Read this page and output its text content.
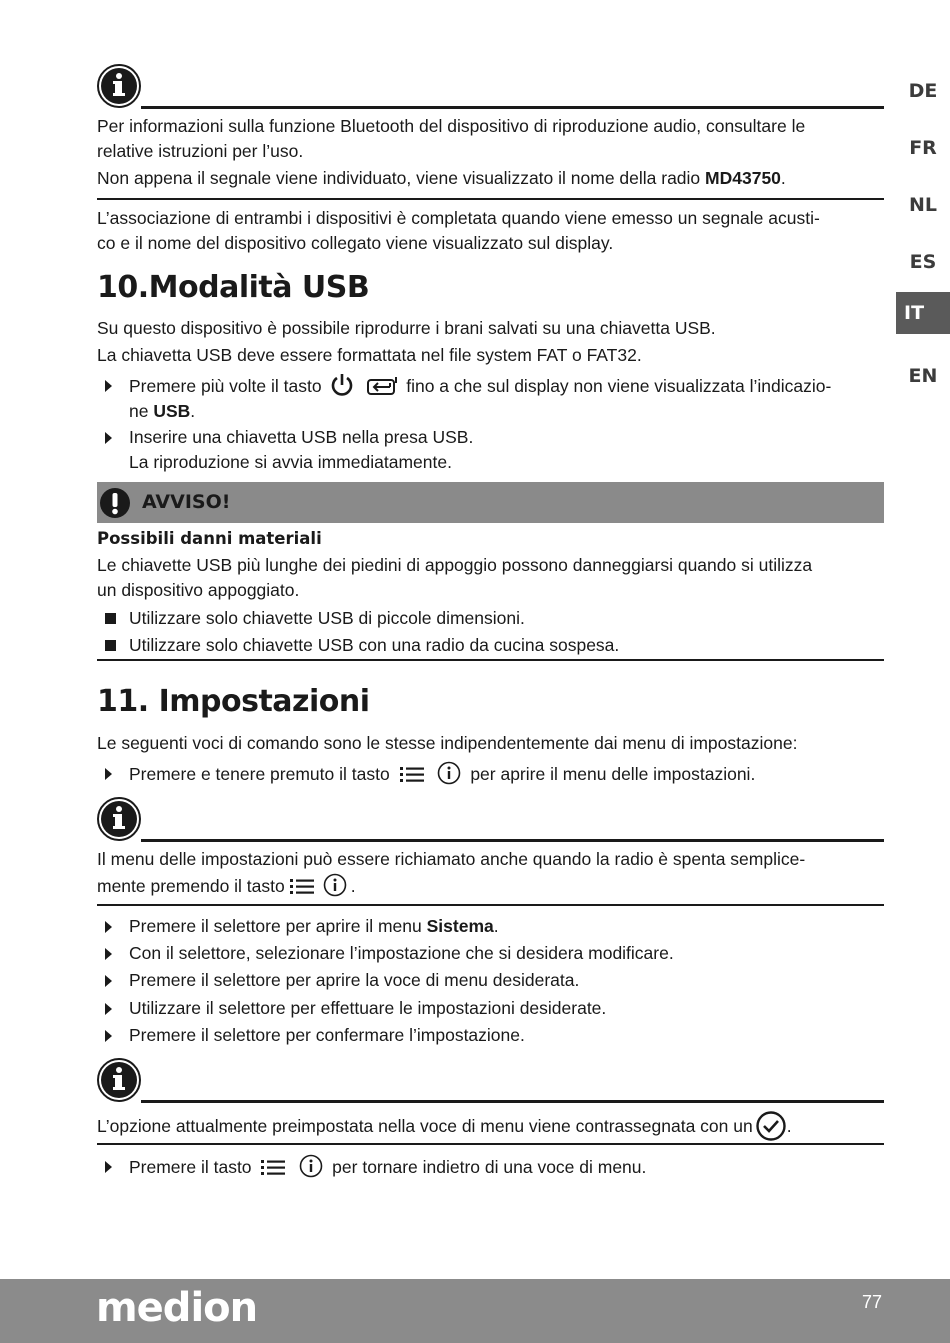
DE
FR
NL
ES
IT
EN

Per informazioni sulla funzione Bluetooth del dispositivo di riproduzione audio, consultare le

relative istruzioni per l’uso.

Non appena il segnale viene individuato, viene visualizzato il nome della radio MD43750.

L’associazione di entrambi i dispositivi è completata quando viene emesso un segnale acusti-

co e il nome del dispositivo collegato viene visualizzato sul display.

10.Modalità USB

Su questo dispositivo è possibile riprodurre i brani salvati su una chiavetta USB.

La chiavetta USB deve essere formattata nel file system FAT o FAT32.

Premere più volte il tasto	fino a che sul display non viene visualizzata l’indicazio-
ne USB.
Inserire una chiavetta USB nella presa USB.
La riproduzione si avvia immediatamente.
AVVISO!

Possibili danni materiali

Le chiavette USB più lunghe dei piedini di appoggio possono danneggiarsi quando si utilizza

un dispositivo appoggiato.

Utilizzare solo chiavette USB di piccole dimensioni.
Utilizzare solo chiavette USB con una radio da cucina sospesa.
11. Impostazioni

Le seguenti voci di comando sono le stesse indipendentemente dai menu di impostazione:

Premere e tenere premuto il tasto	per aprire il menu delle impostazioni.

Il menu delle impostazioni può essere richiamato anche quando la radio è spenta semplice-

mente premendo il tasto	.

Premere il selettore per aprire il menu Sistema.
Con il selettore, selezionare l’impostazione che si desidera modificare.
Premere il selettore per aprire la voce di menu desiderata.
Utilizzare il selettore per effettuare le impostazioni desiderate.
Premere il selettore per confermare l’impostazione.

L’opzione attualmente preimpostata nella voce di menu viene contrassegnata con un .

Premere il tasto	per tornare indietro di una voce di menu.
medion	77
